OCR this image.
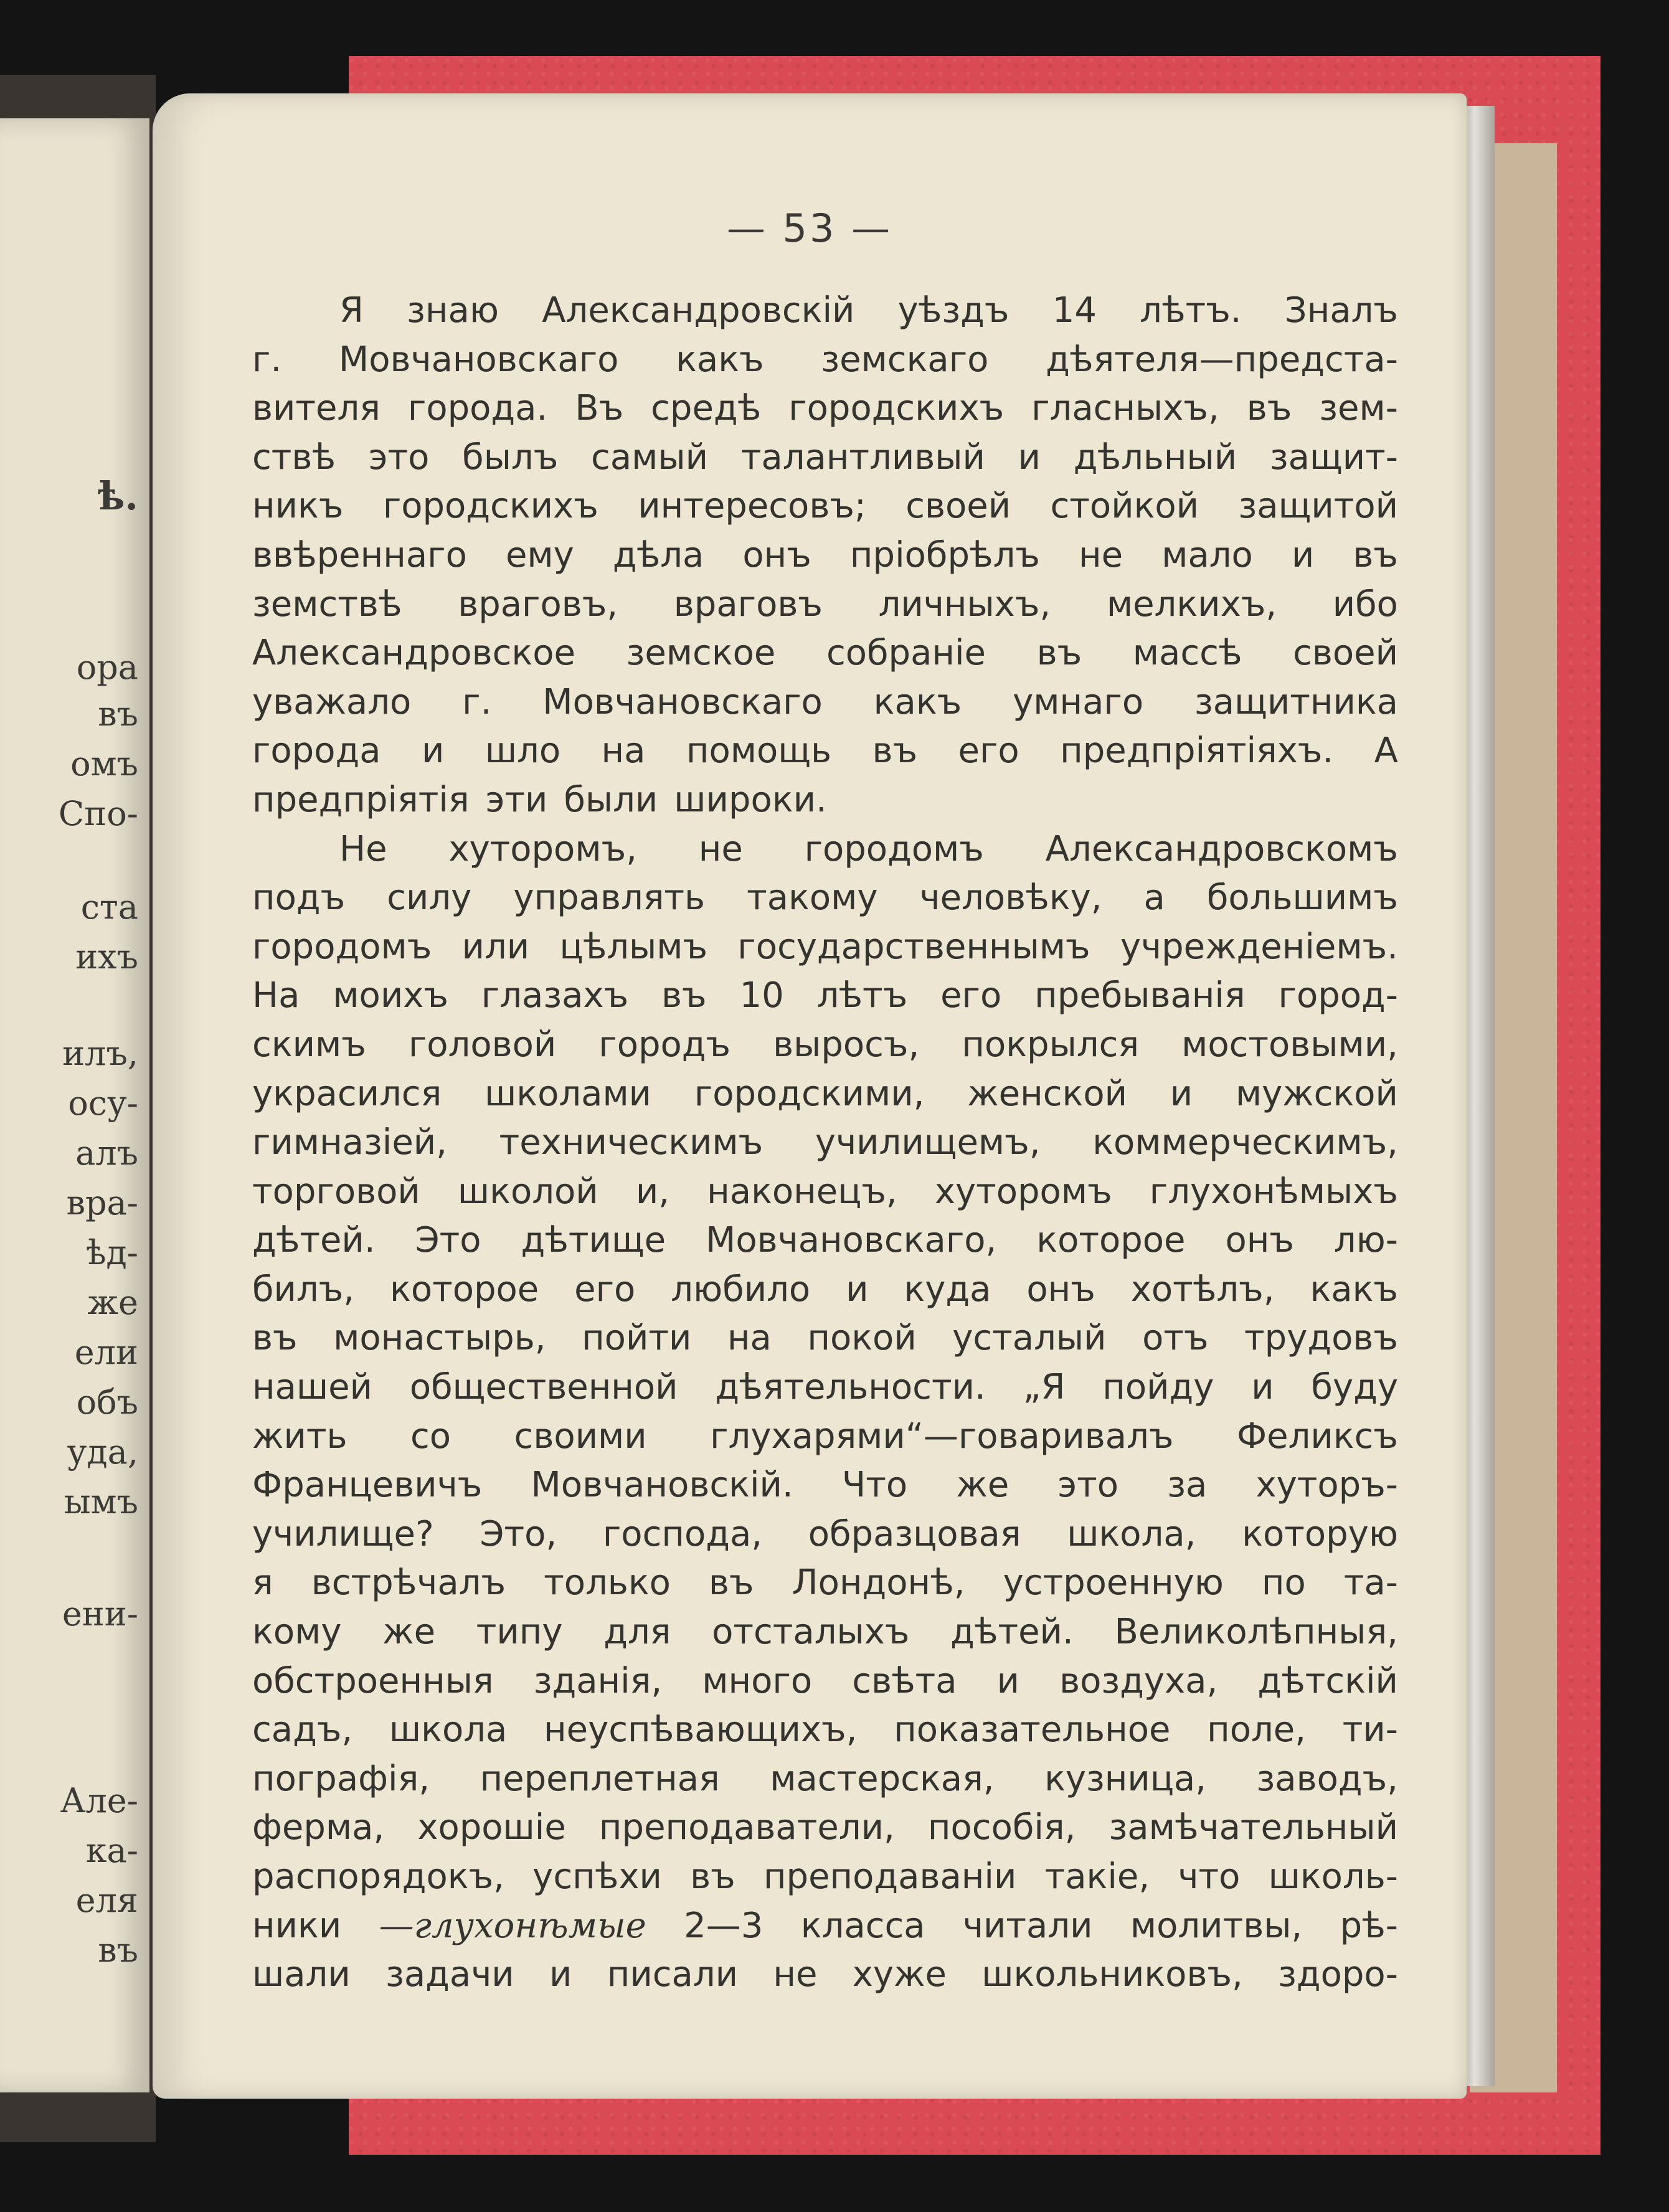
ѣ.
ора
въ
омъ
Спо-
ста
ихъ
илъ,
осу-
алъ
вра-
ѣд-
же
ели
объ
уда,
ымъ
ени-
Але-
ка-
еля
въ
— 53 —
Я знаю Александровскій уѣздъ 14 лѣтъ. Зналъ
г. Мовчановскаго какъ земскаго дѣятеля—предста-
вителя города. Въ средѣ городскихъ гласныхъ, въ зем-
ствѣ это былъ самый талантливый и дѣльный защит-
никъ городскихъ интересовъ; своей стойкой защитой
ввѣреннаго ему дѣла онъ пріобрѣлъ не мало и въ
земствѣ враговъ, враговъ личныхъ, мелкихъ, ибо
Александровское земское собраніе въ массѣ своей
уважало г. Мовчановскаго какъ умнаго защитника
города и шло на помощь въ его предпріятіяхъ. А
предпріятія эти были широки.
Не хуторомъ, не городомъ Александровскомъ
подъ силу управлять такому человѣку, а большимъ
городомъ или цѣлымъ государственнымъ учрежденіемъ.
На моихъ глазахъ въ 10 лѣтъ его пребыванія город-
скимъ головой городъ выросъ, покрылся мостовыми,
украсился школами городскими, женской и мужской
гимназіей, техническимъ училищемъ, коммерческимъ,
торговой школой и, наконецъ, хуторомъ глухонѣмыхъ
дѣтей. Это дѣтище Мовчановскаго, которое онъ лю-
билъ, которое его любило и куда онъ хотѣлъ, какъ
въ монастырь, пойти на покой усталый отъ трудовъ
нашей общественной дѣятельности. „Я пойду и буду
жить со своими глухарями“—говаривалъ Феликсъ
Францевичъ Мовчановскій. Что же это за хуторъ-
училище? Это, господа, образцовая школа, которую
я встрѣчалъ только въ Лондонѣ, устроенную по та-
кому же типу для отсталыхъ дѣтей. Великолѣпныя,
обстроенныя зданія, много свѣта и воздуха, дѣтскій
садъ, школа неуспѣвающихъ, показательное поле, ти-
пографія, переплетная мастерская, кузница, заводъ,
ферма, хорошіе преподаватели, пособія, замѣчательный
распорядокъ, успѣхи въ преподаваніи такіе, что школь-
ники —глухонѣмые 2—3 класса читали молитвы, рѣ-
шали задачи и писали не хуже школьниковъ, здоро-
